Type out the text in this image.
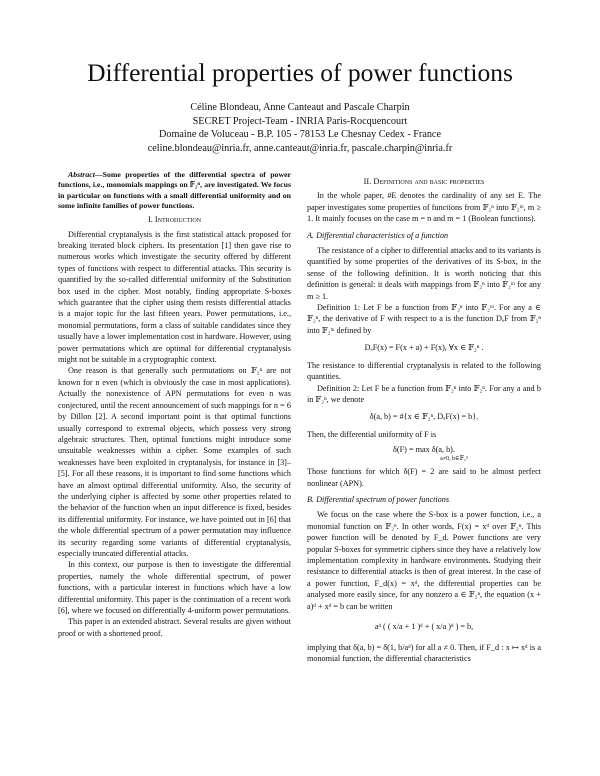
Differential properties of power functions
Céline Blondeau, Anne Canteaut and Pascale Charpin
SECRET Project-Team - INRIA Paris-Rocquencourt
Domaine de Voluceau - B.P. 105 - 78153 Le Chesnay Cedex - France
celine.blondeau@inria.fr, anne.canteaut@inria.fr, pascale.charpin@inria.fr

Abstract—Some properties of the differential spectra of power functions, i.e., monomials mappings on 𝔽₂ⁿ, are investigated. We focus in particular on functions with a small differential uniformity and on some infinite families of power functions.

I. Introduction

Differential cryptanalysis is the first statistical attack proposed for breaking iterated block ciphers. Its presentation [1] then gave rise to numerous works which investigate the security offered by different types of functions with respect to differential attacks. This security is quantified by the so-called differential uniformity of the Substitution box used in the cipher. Most notably, finding appropriate S-boxes which guarantee that the cipher using them resists differential attacks is a major topic for the last fifteen years. Power permutations, i.e., monomial permutations, form a class of suitable candidates since they usually have a lower implementation cost in hardware. However, using power permutations which are optimal for differential cryptanalysis might not be suitable in a cryptographic context.

One reason is that generally such permutations on 𝔽₂ⁿ are not known for n even (which is obviously the case in most applications). Actually the nonexistence of APN permutations for even n was conjectured, until the recent announcement of such mappings for n = 6 by Dillon [2]. A second important point is that optimal functions usually correspond to extremal objects, which possess very strong algebraic structures. Then, optimal functions might introduce some unsuitable weaknesses within a cipher. Some examples of such weaknesses have been exploited in cryptanalysis, for instance in [3]–[5]. For all these reasons, it is important to find some functions which have an almost optimal differential uniformity. Also, the security of the underlying cipher is affected by some other properties related to the behavior of the function when an input difference is fixed, besides its differential uniformity. For instance, we have pointed out in [6] that the whole differential spectrum of a power permutation may influence its security regarding some variants of differential cryptanalysis, especially truncated differential attacks.

In this context, our purpose is then to investigate the differential properties, namely the whole differential spectrum, of power functions, with a particular interest in functions which have a low differential uniformity. This paper is the continuation of a recent work [6], where we focused on differentially 4-uniform power permutations.

This paper is an extended abstract. Several results are given without proof or with a shortened proof.

II. Definitions and basic properties

In the whole paper, #E denotes the cardinality of any set E. The paper investigates some properties of functions from 𝔽₂ⁿ into 𝔽₂ᵐ, m ≥ 1. It mainly focuses on the case m = n and m = 1 (Boolean functions).

A. Differential characteristics of a function

The resistance of a cipher to differential attacks and to its variants is quantified by some properties of the derivatives of its S-box, in the sense of the following definition. It is worth noticing that this definition is general: it deals with mappings from 𝔽₂ⁿ into 𝔽₂ᵐ for any m ≥ 1.

Definition 1: Let F be a function from 𝔽₂ⁿ into 𝔽₂ᵐ. For any a ∈ 𝔽₂ⁿ, the derivative of F with respect to a is the function DₐF from 𝔽₂ⁿ into 𝔽₂ᵐ defined by

DₐF(x) = F(x + a) + F(x), ∀x ∈ 𝔽₂ⁿ .

The resistance to differential cryptanalysis is related to the following quantities.

Definition 2: Let F be a function from 𝔽₂ⁿ into 𝔽₂ⁿ. For any a and b in 𝔽₂ⁿ, we denote

δ(a, b) = #{x ∈ 𝔽₂ⁿ, DₐF(x) = b}.

Then, the differential uniformity of F is

δ(F) = max δ(a, b).
a≠0, b∈𝔽₂ⁿ

Those functions for which δ(F) = 2 are said to be almost perfect nonlinear (APN).

B. Differential spectrum of power functions

We focus on the case where the S-box is a power function, i.e., a monomial function on 𝔽₂ⁿ. In other words, F(x) = xᵈ over 𝔽₂ⁿ. This power function will be denoted by F_d. Power functions are very popular S-boxes for symmetric ciphers since they have a relatively low implementation complexity in hardware environments. Studying their resistance to differential attacks is then of great interest. In the case of a power function, F_d(x) = xᵈ, the differential properties can be analysed more easily since, for any nonzero a ∈ 𝔽₂ⁿ, the equation (x + a)ᵈ + xᵈ = b can be written

aᵈ ( ( x/a + 1 )ᵈ + ( x/a )ᵈ ) = b,

implying that δ(a, b) = δ(1, b/aᵈ) for all a ≠ 0. Then, if F_d : x ↦ xᵈ is a monomial function, the differential characteristics
